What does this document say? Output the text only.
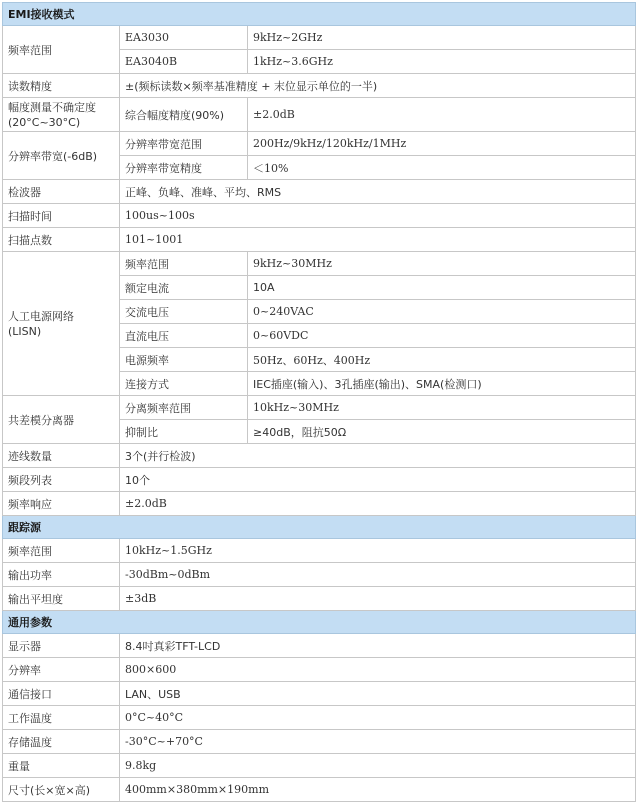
EMI接收模式		
频率范围	EA3030	9kHz~2GHz
	EA3040B	1kHz~3.6GHz
读数精度	±(频标读数×频率基准精度 + 末位显示单位的一半)	

幅度测量不确定度
(20°C~30°C)	综合幅度精度(90%)	±2.0dB
分辨率带宽(-6dB)	分辨率带宽范围	200Hz/9kHz/120kHz/1MHz
	分辨率带宽精度	＜10%
检波器	正峰、负峰、准峰、平均、RMS	
扫描时间	100us~100s	
扫描点数	101~1001	

人工电源网络
(LISN)	频率范围	9kHz~30MHz
	额定电流	10A
	交流电压	0~240VAC
	直流电压	0~60VDC
	电源频率	50Hz、60Hz、400Hz
	连接方式	IEC插座(输入)、3孔插座(输出)、SMA(检测口)
共差模分离器	分离频率范围	10kHz~30MHz
	抑制比	≥40dB，阻抗50Ω
迹线数量	3个(并行检波)	
频段列表	10个	
频率响应	±2.0dB	
跟踪源		
频率范围	10kHz~1.5GHz	
输出功率	-30dBm~0dBm	
输出平坦度	±3dB	
通用参数		
显示器	8.4吋真彩TFT-LCD	
分辨率	800×600	
通信接口	LAN、USB	
工作温度	0°C~40°C	
存储温度	-30°C~+70°C	
重量	9.8kg	
尺寸(长×宽×高)	400mm×380mm×190mm	
